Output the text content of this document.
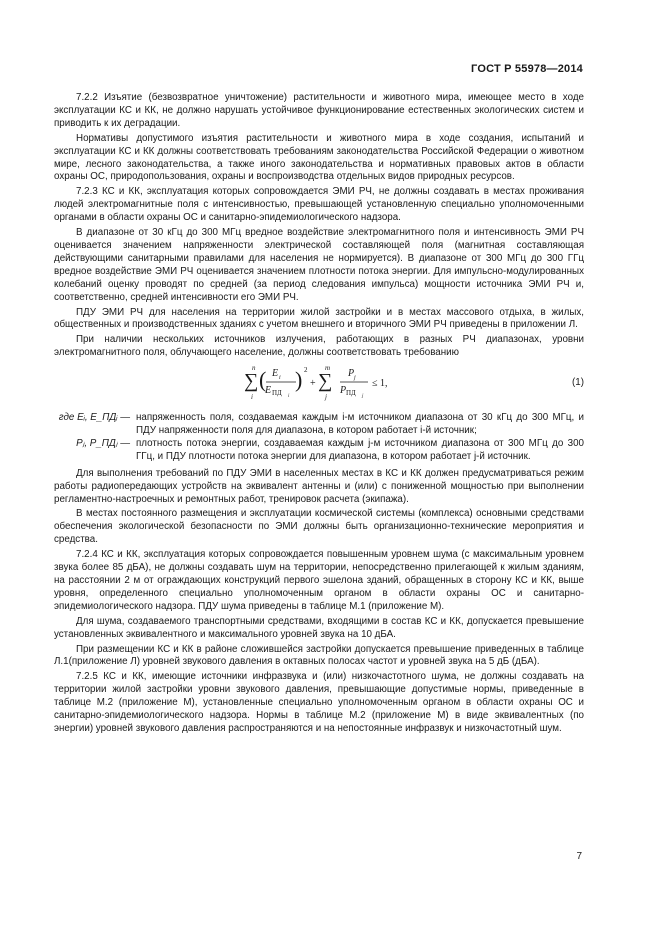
ГОСТ Р 55978—2014

7.2.2 Изъятие (безвозвратное уничтожение) растительности и животного мира, имеющее место в ходе эксплуатации КС и КК, не должно нарушать устойчивое функционирование естественных экологических систем и приводить к их деградации.

Нормативы допустимого изъятия растительности и животного мира в ходе создания, испытаний и эксплуатации КС и КК должны соответствовать требованиям законодательства Российской Федерации о животном мире, лесного законодательства, а также иного законодательства и нормативных правовых актов в области охраны ОС, природопользования, охраны и воспроизводства отдельных видов природных ресурсов.

7.2.3 КС и КК, эксплуатация которых сопровождается ЭМИ РЧ, не должны создавать в местах проживания людей электромагнитные поля с интенсивностью, превышающей установленную специально уполномоченными органами в области охраны ОС и санитарно-эпидемиологического надзора.

В диапазоне от 30 кГц до 300 МГц вредное воздействие электромагнитного поля и интенсивность ЭМИ РЧ оценивается значением напряженности электрической составляющей поля (магнитная составляющая действующими санитарными правилами для населения не нормируется). В диапазоне от 300 МГц до 300 ГГц вредное воздействие ЭМИ РЧ оценивается значением плотности потока энергии. Для импульсно-модулированных колебаний оценку проводят по средней (за период следования импульса) мощности источника ЭМИ РЧ и, соответственно, средней интенсивности его ЭМИ РЧ.

ПДУ ЭМИ РЧ для населения на территории жилой застройки и в местах массового отдыха, в жилых, общественных и производственных зданиях с учетом внешнего и вторичного ЭМИ РЧ приведены в приложении Л.

При наличии нескольких источников излучения, работающих в разных РЧ диапазонах, уровни электромагнитного поля, облучающего население, должны соответствовать требованию

n
∑
i
( E i
E ПД i
) 2
+
m
∑
j
P j
P ПД j
≤ 1,	(1)
где Eᵢ, E_ПДᵢ — напряженность поля, создаваемая каждым i-м источником диапазона от 30 кГц до 300 МГц, и ПДУ напряженности поля для диапазона, в котором работает i-й источник;
Pⱼ, P_ПДⱼ — плотность потока энергии, создаваемая каждым j-м источником диапазона от 300 МГц до 300 ГГц, и ПДУ плотности потока энергии для диапазона, в котором работает j-й источник.

Для выполнения требований по ПДУ ЭМИ в населенных местах в КС и КК должен предусматриваться режим работы радиопередающих устройств на эквивалент антенны и (или) с пониженной мощностью при выполнении регламентно-настроечных и ремонтных работ, тренировок расчета (экипажа).

В местах постоянного размещения и эксплуатации космической системы (комплекса) основными средствами обеспечения экологической безопасности по ЭМИ должны быть организационно-технические мероприятия и средства.

7.2.4 КС и КК, эксплуатация которых сопровождается повышенным уровнем шума (с максимальным уровнем звука более 85 дБА), не должны создавать шум на территории, непосредственно прилегающей к жилым зданиям, на расстоянии 2 м от ограждающих конструкций первого эшелона зданий, обращенных в сторону КС и КК, выше уровня, определенного специально уполномоченным органом в области охраны ОС и санитарно-эпидемиологического надзора. ПДУ шума приведены в таблице М.1 (приложение М).

Для шума, создаваемого транспортными средствами, входящими в состав КС и КК, допускается превышение установленных эквивалентного и максимального уровней звука на 10 дБА.

При размещении КС и КК в районе сложившейся застройки допускается превышение приведенных в таблице Л.1(приложение Л) уровней звукового давления в октавных полосах частот и уровней звука на 5 дБ (дБА).

7.2.5 КС и КК, имеющие источники инфразвука и (или) низкочастотного шума, не должны создавать на территории жилой застройки уровни звукового давления, превышающие допустимые нормы, приведенные в таблице М.2 (приложение М), установленные специально уполномоченным органом в области охраны ОС и санитарно-эпидемиологического надзора. Нормы в таблице М.2 (приложение М) в виде эквивалентных (по энергии) уровней звукового давления распространяются и на непостоянные инфразвук и низкочастотный шум.

7
